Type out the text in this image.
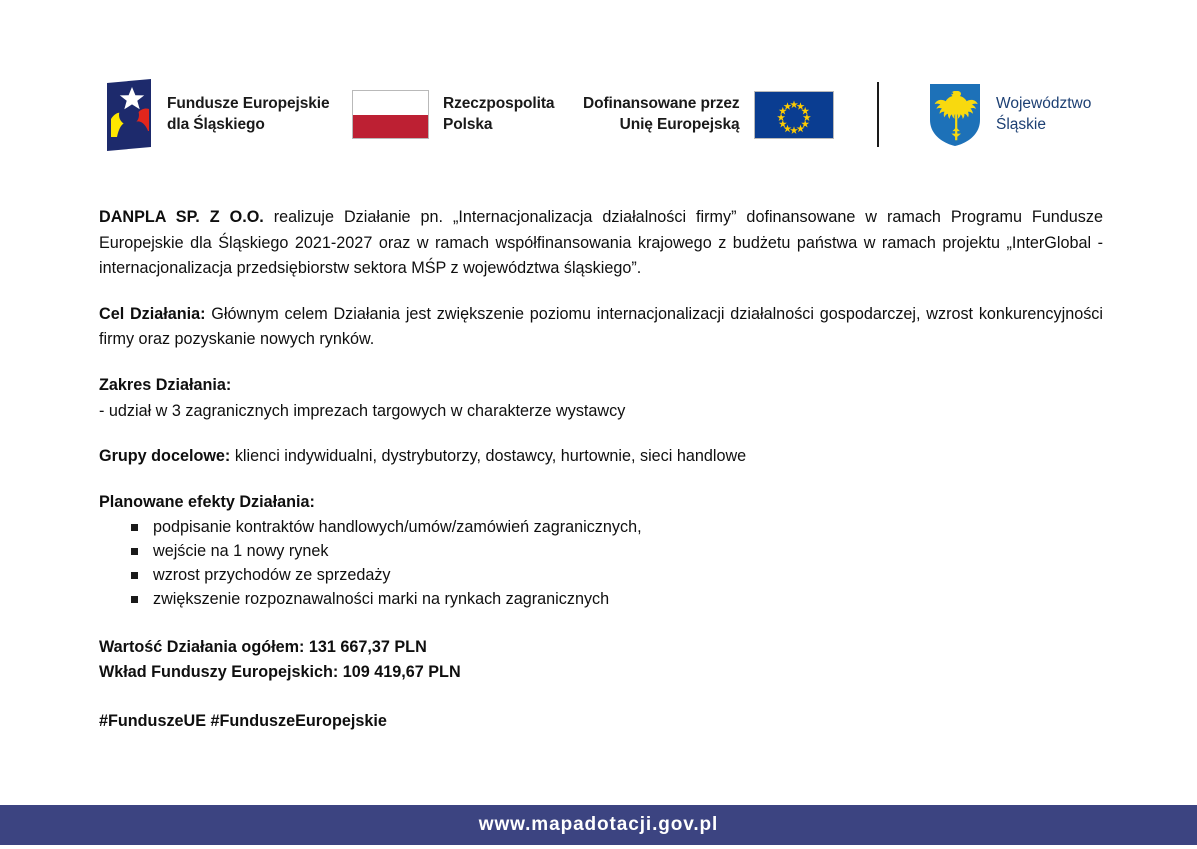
Fundusze Europejskie
dla Śląskiego
Rzeczpospolita
Polska
Dofinansowane przez
Unię Europejską
Województwo
Śląskie

DANPLA SP. Z O.O. realizuje Działanie pn. „Internacjonalizacja działalności firmy” dofinansowane w ramach Programu Fundusze Europejskie dla Śląskiego 2021-2027 oraz w ramach współfinansowania krajowego z budżetu państwa w ramach projektu „InterGlobal - internacjonalizacja przedsiębiorstw sektora MŚP z województwa śląskiego”.

Cel Działania: Głównym celem Działania jest zwiększenie poziomu internacjonalizacji działalności gospodarczej, wzrost konkurencyjności firmy oraz pozyskanie nowych rynków.

Zakres Działania:
- udział w 3 zagranicznych imprezach targowych w charakterze wystawcy

Grupy docelowe: klienci indywidualni, dystrybutorzy, dostawcy, hurtownie, sieci handlowe

Planowane efekty Działania:

podpisanie kontraktów handlowych/umów/zamówień zagranicznych,
wejście na 1 nowy rynek
wzrost przychodów ze sprzedaży
zwiększenie rozpoznawalności marki na rynkach zagranicznych
Wartość Działania ogółem: 131 667,37 PLN
Wkład Funduszy Europejskich: 109 419,67 PLN
#FunduszeUE #FunduszeEuropejskie
www.mapadotacji.gov.pl
